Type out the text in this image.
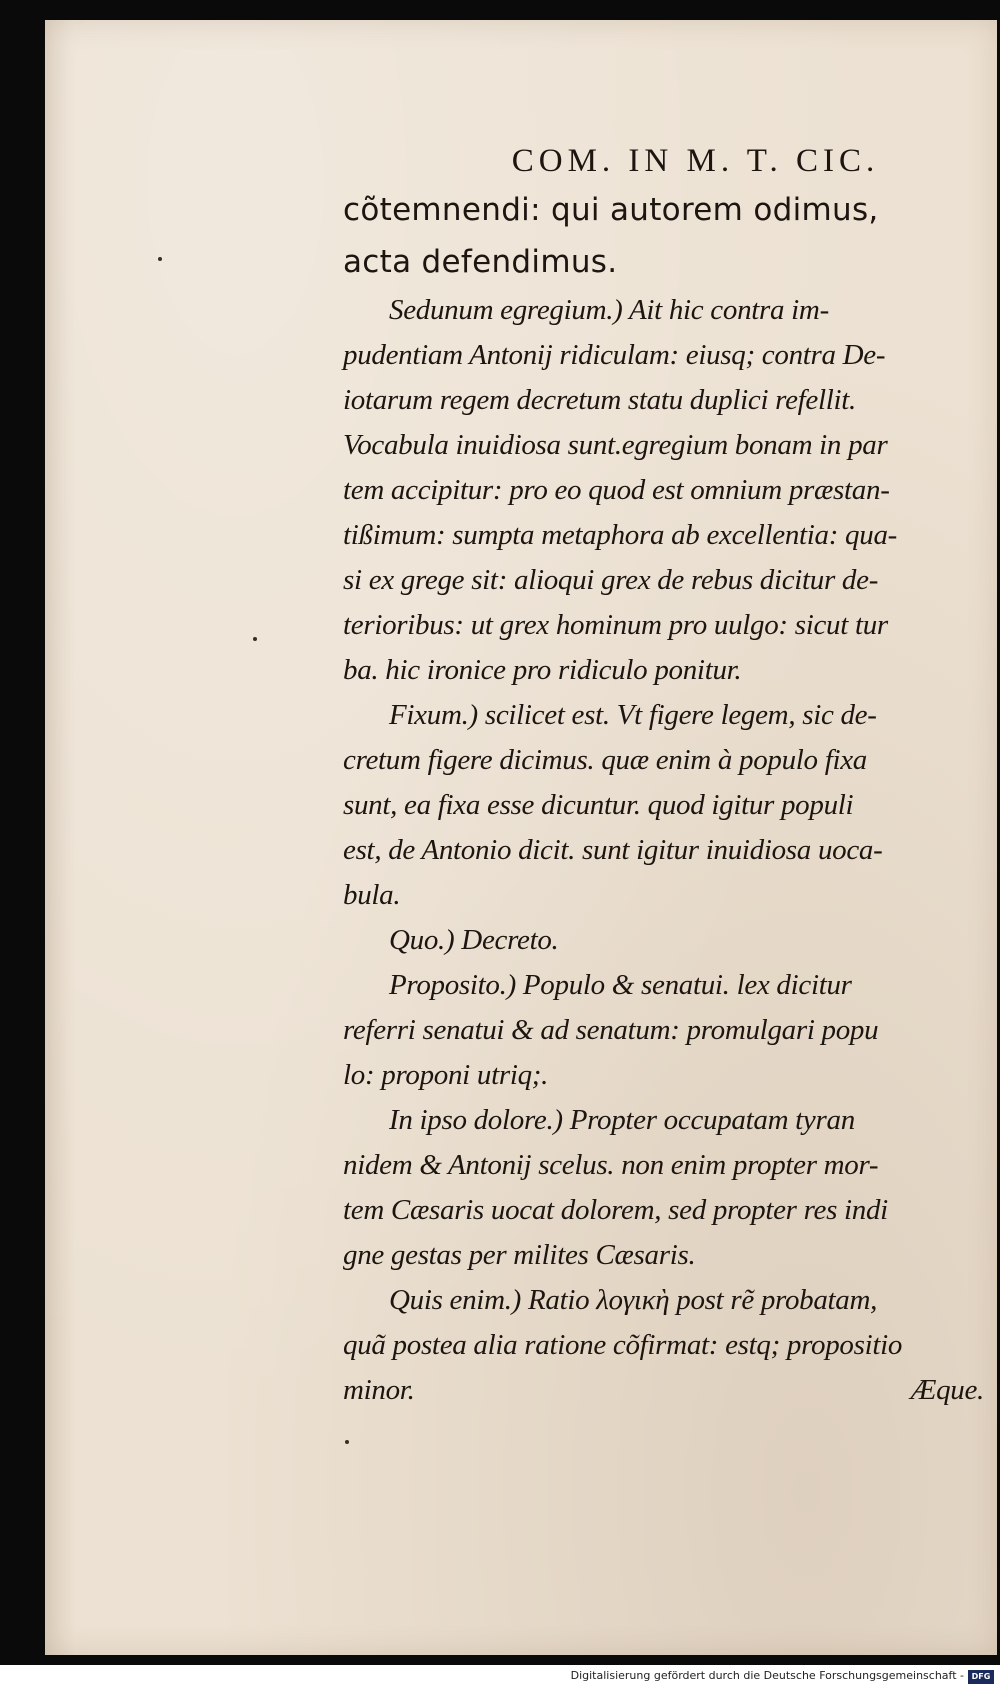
COM. IN M. T. CIC.
cõtemnendi: qui autorem odimus,
acta defendimus.
Sedunum egregium.) Ait hic contra im-
pudentiam Antonij ridiculam: eiusq; contra De-
iotarum regem decretum statu duplici refellit.
Vocabula inuidiosa sunt.egregium bonam in par
tem accipitur: pro eo quod est omnium præstan-
tißimum: sumpta metaphora ab excellentia: qua-
si ex grege sit: alioqui grex de rebus dicitur de-
terioribus: ut grex hominum pro uulgo: sicut tur
ba. hic ironice pro ridiculo ponitur.
Fixum.) scilicet est. Vt figere legem, sic de-
cretum figere dicimus. quæ enim à populo fixa
sunt, ea fixa esse dicuntur. quod igitur populi
est, de Antonio dicit. sunt igitur inuidiosa uoca-
bula.
Quo.) Decreto.
Proposito.) Populo & senatui. lex dicitur
referri senatui & ad senatum: promulgari popu
lo: proponi utriq;.
In ipso dolore.) Propter occupatam tyran
nidem & Antonij scelus. non enim propter mor-
tem Cæsaris uocat dolorem, sed propter res indi
gne gestas per milites Cæsaris.
Quis enim.) Ratio λογικὴ post rẽ probatam,
quã postea alia ratione cõfirmat: estq; propositio
minor.	Æque.
Digitalisierung gefördert durch die Deutsche Forschungsgemeinschaft - DFG
